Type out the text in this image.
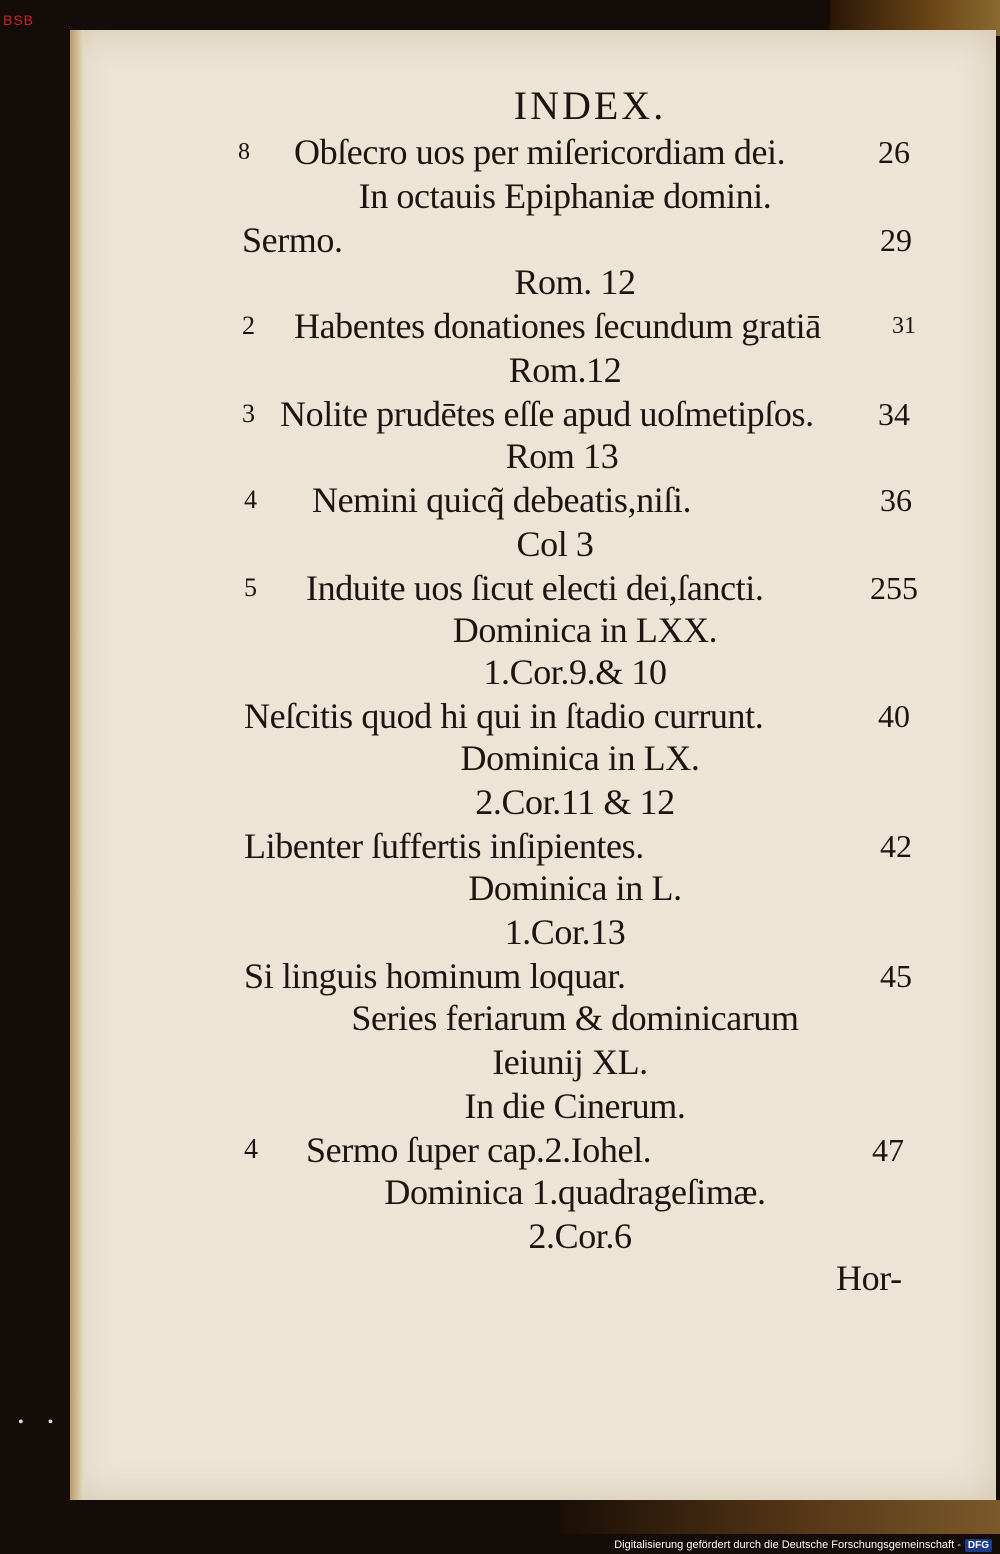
BSB
• •
INDEX.
8 Obſecro uos per miſericordiam dei.	26
In octauis Epiphaniæ domini.
Sermo.	29
Rom. 12
2 Habentes donationes ſecundum gratiā	31
Rom.12
3 Nolite prudētes eſſe apud uoſmetipſos. 34
Rom 13
4 Nemini quicq̃ debeatis,niſi.	36
Col 3
5 Induite uos ſicut electi dei,ſancti.	255
Dominica in LXX.
1.Cor.9.& 10
Neſcitis quod hi qui in ſtadio currunt.	40
Dominica in LX.
2.Cor.11 & 12
Libenter ſuffertis inſipientes.	42
Dominica in L.
1.Cor.13
Si linguis hominum loquar.	45
Series feriarum & dominicarum
Ieiunij XL.
In die Cinerum.
4 Sermo ſuper cap.2.Iohel.	47
Dominica 1.quadrageſimæ.
2.Cor.6
Hor-
Digitalisierung gefördert durch die Deutsche Forschungsgemeinschaft - DFG
